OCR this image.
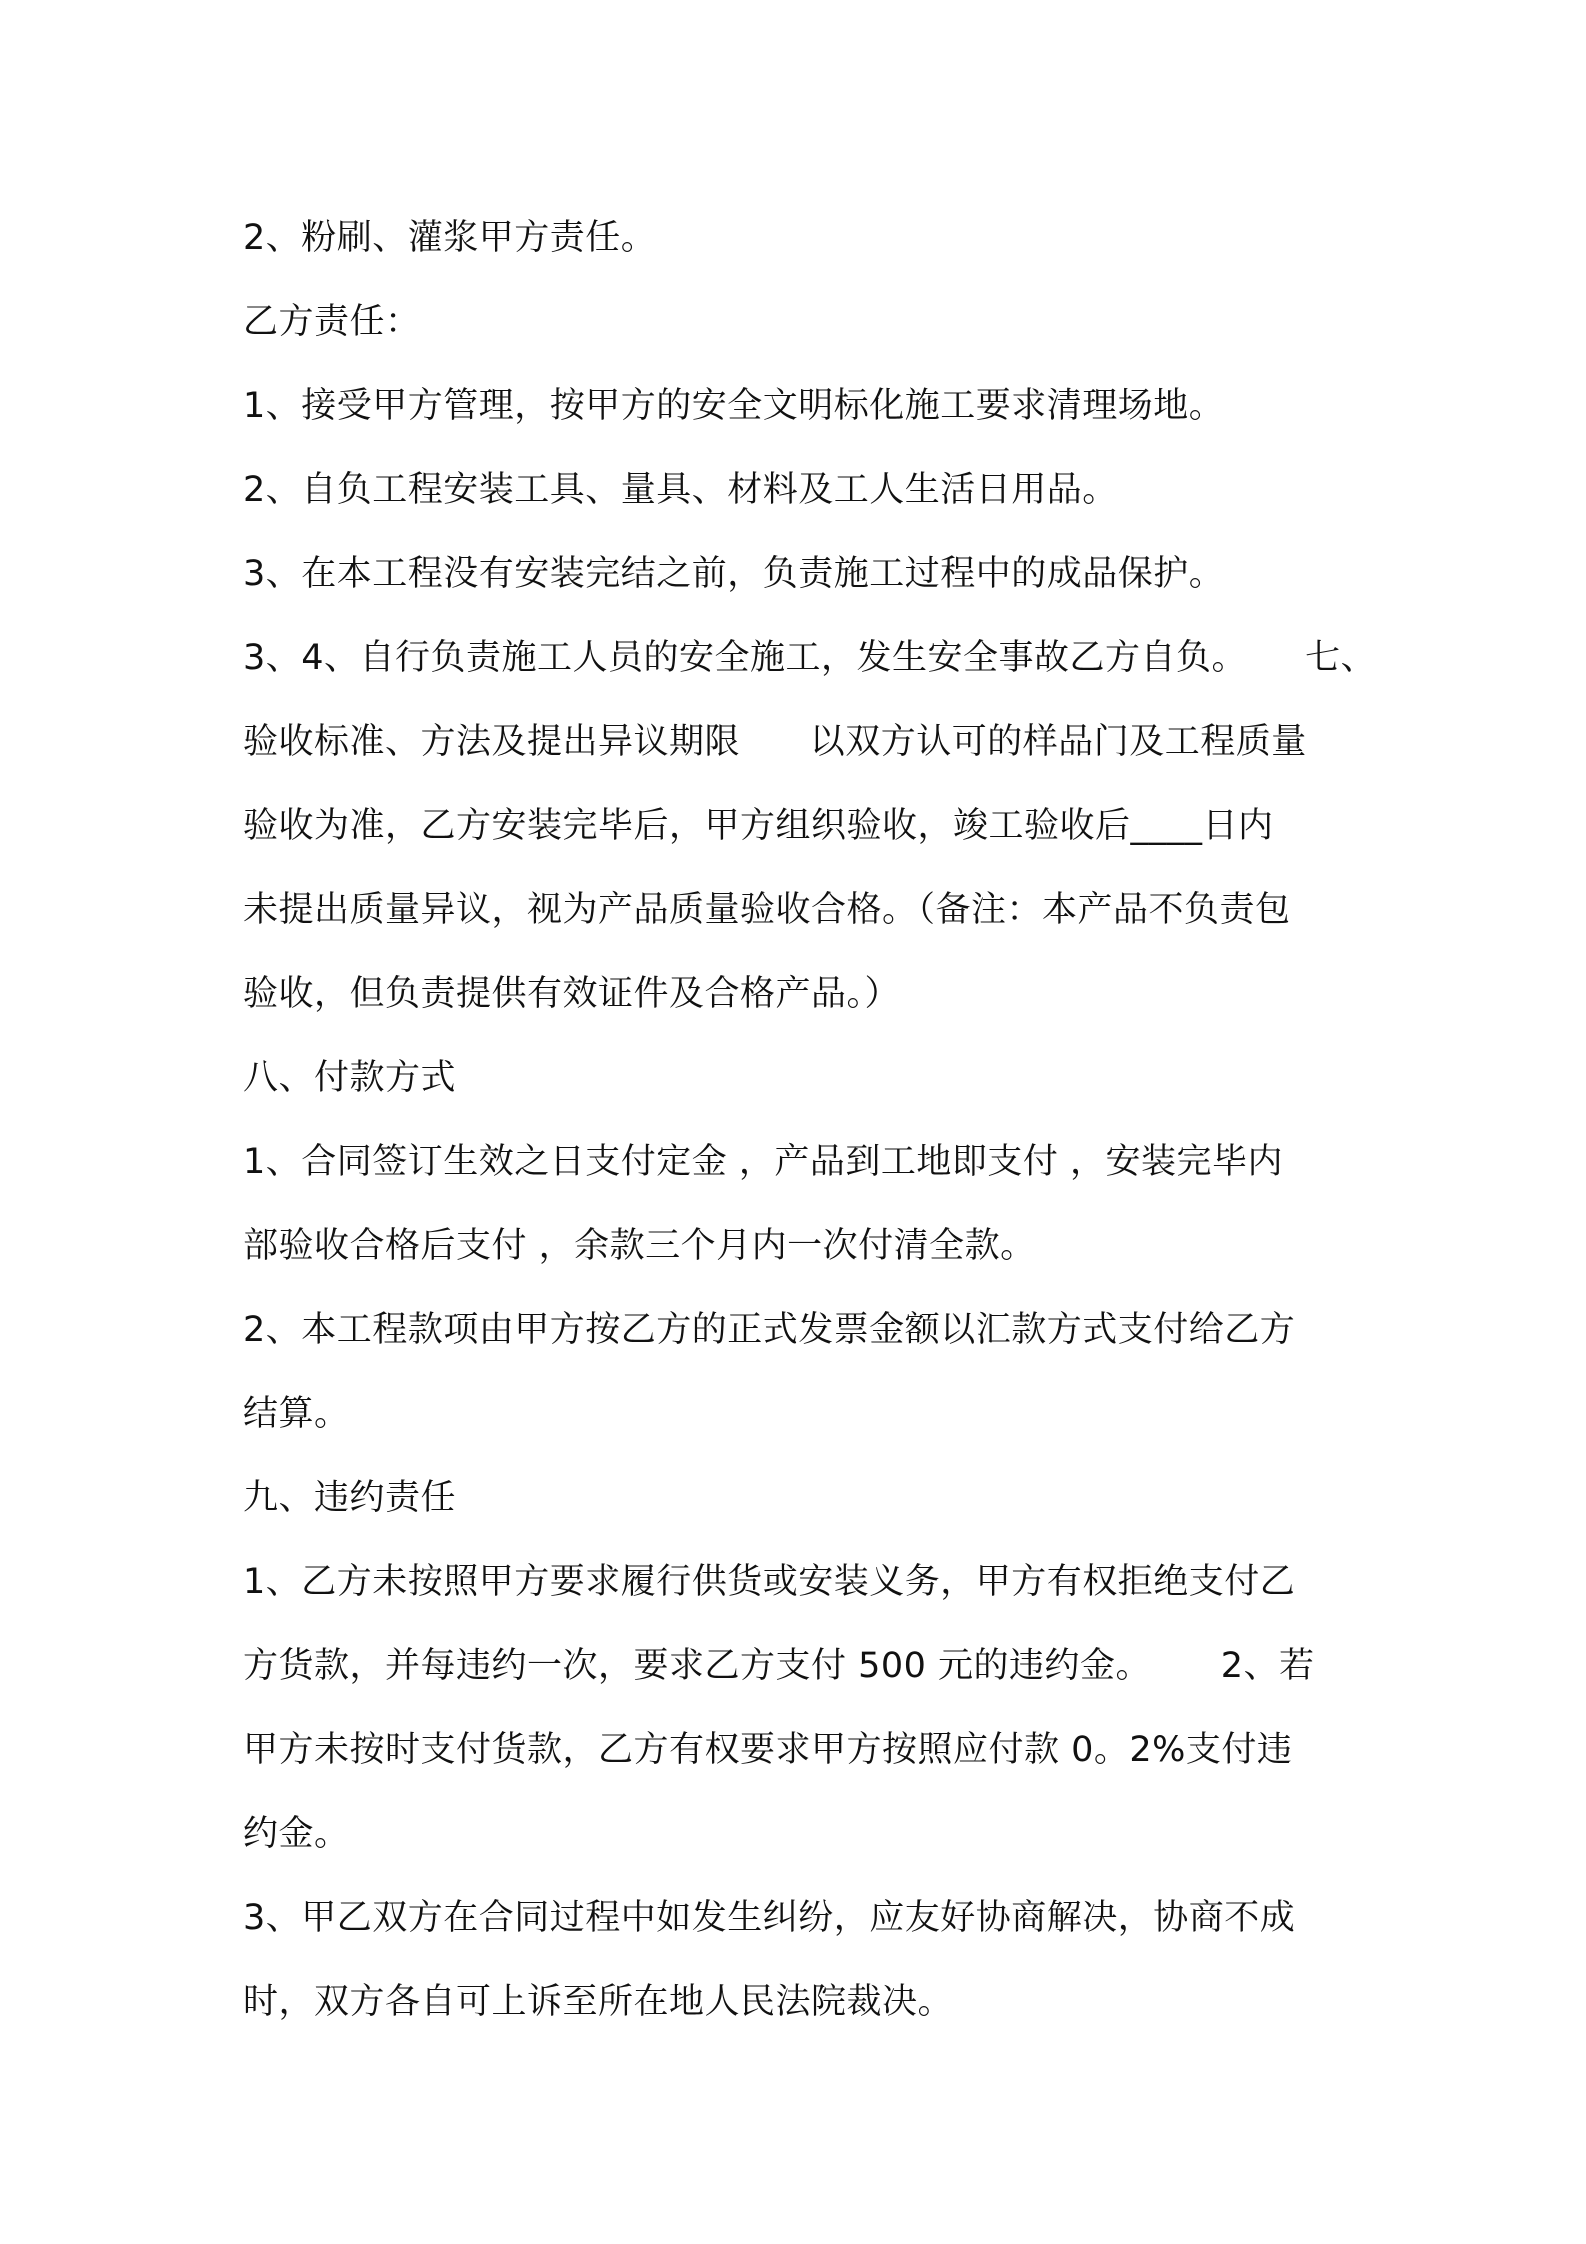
2、粉刷、灌浆甲方责任。
乙方责任：
1、接受甲方管理，按甲方的安全文明标化施工要求清理场地。
2、自负工程安装工具、量具、材料及工人生活日用品。
3、在本工程没有安装完结之前，负责施工过程中的成品保护。
3、4、自行负责施工人员的安全施工，发生安全事故乙方自负。     七、
验收标准、方法及提出异议期限      以双方认可的样品门及工程质量
验收为准，乙方安装完毕后，甲方组织验收，竣工验收后____日内
未提出质量异议，视为产品质量验收合格。（备注：本产品不负责包
验收，但负责提供有效证件及合格产品。）
八、付款方式
1、合同签订生效之日支付定金 ，产品到工地即支付 ，安装完毕内
部验收合格后支付 ，余款三个月内一次付清全款。
2、本工程款项由甲方按乙方的正式发票金额以汇款方式支付给乙方
结算。
九、违约责任
1、乙方未按照甲方要求履行供货或安装义务，甲方有权拒绝支付乙
方货款，并每违约一次，要求乙方支付 500 元的违约金。      2、若
甲方未按时支付货款，乙方有权要求甲方按照应付款 0。2%支付违
约金。
3、甲乙双方在合同过程中如发生纠纷，应友好协商解决，协商不成
时，双方各自可上诉至所在地人民法院裁决。
